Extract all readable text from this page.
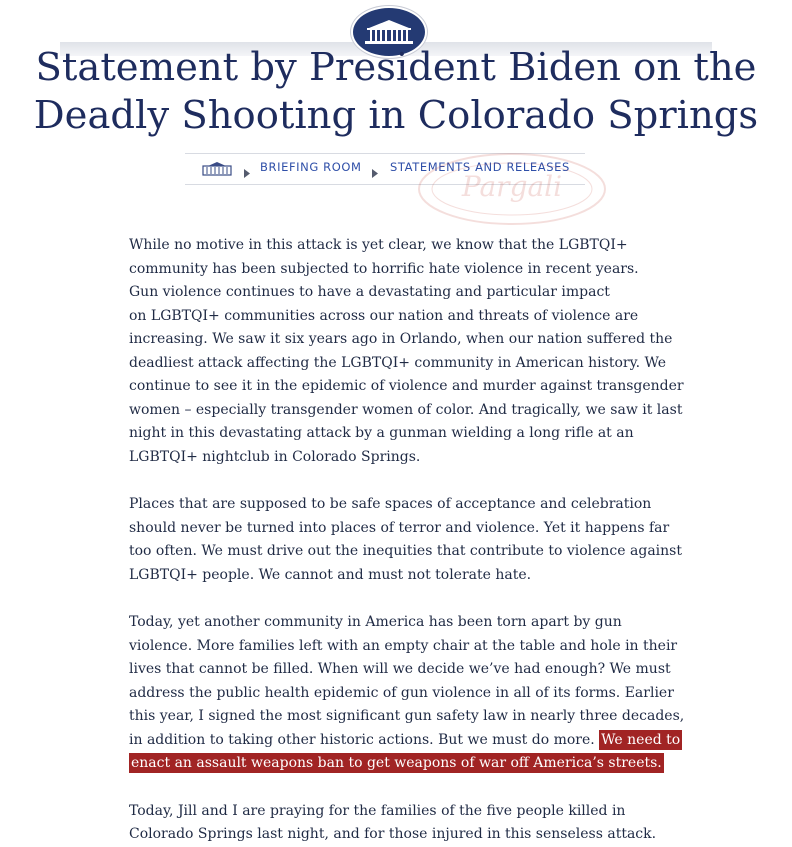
Statement by President Biden on the
Deadly Shooting in Colorado Springs
BRIEFING ROOM STATEMENTS AND RELEASES
Pargali

While no motive in this attack is yet clear, we know that the LGBTQI+
community has been subjected to horrific hate violence in recent years.
Gun violence continues to have a devastating and particular impact
on LGBTQI+ communities across our nation and threats of violence are
increasing. We saw it six years ago in Orlando, when our nation suffered the
deadliest attack affecting the LGBTQI+ community in American history. We
continue to see it in the epidemic of violence and murder against transgender
women – especially transgender women of color. And tragically, we saw it last
night in this devastating attack by a gunman wielding a long rifle at an
LGBTQI+ nightclub in Colorado Springs.

Places that are supposed to be safe spaces of acceptance and celebration
should never be turned into places of terror and violence. Yet it happens far
too often. We must drive out the inequities that contribute to violence against
LGBTQI+ people. We cannot and must not tolerate hate.

Today, yet another community in America has been torn apart by gun
violence. More families left with an empty chair at the table and hole in their
lives that cannot be filled. When will we decide we’ve had enough? We must
address the public health epidemic of gun violence in all of its forms. Earlier
this year, I signed the most significant gun safety law in nearly three decades,
in addition to taking other historic actions. But we must do more. We need to
enact an assault weapons ban to get weapons of war off America’s streets.

Today, Jill and I are praying for the families of the five people killed in
Colorado Springs last night, and for those injured in this senseless attack.
